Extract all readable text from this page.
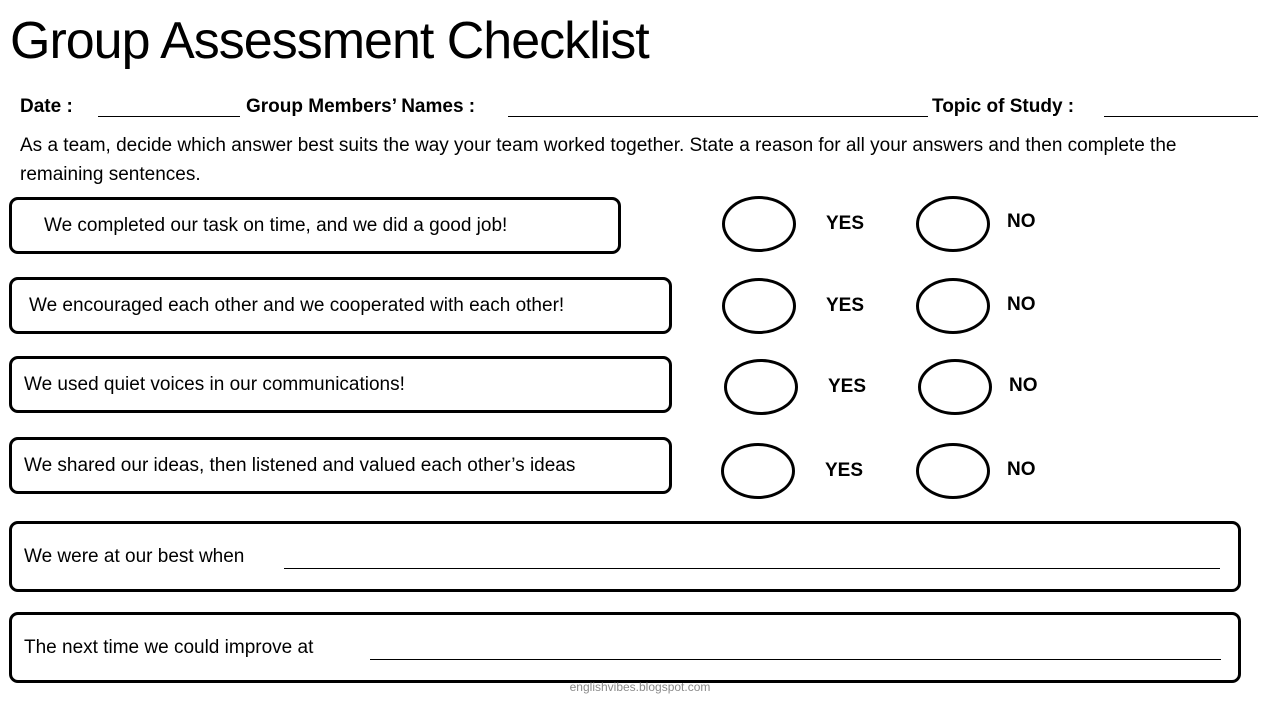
Group Assessment Checklist
Date :	Group Members’ Names :	Topic of Study :
As a team, decide which answer best suits the way your team worked together. State a reason for all your answers and then complete the remaining sentences.
We completed our task on time, and we did a good job!	YES	NO
We encouraged each other and we cooperated with each other!	YES	NO
We used quiet voices in our communications!	YES	NO
We shared our ideas, then listened and valued each other’s ideas	YES	NO
We were at our best when
The next time we could improve at
englishvibes.blogspot.com
